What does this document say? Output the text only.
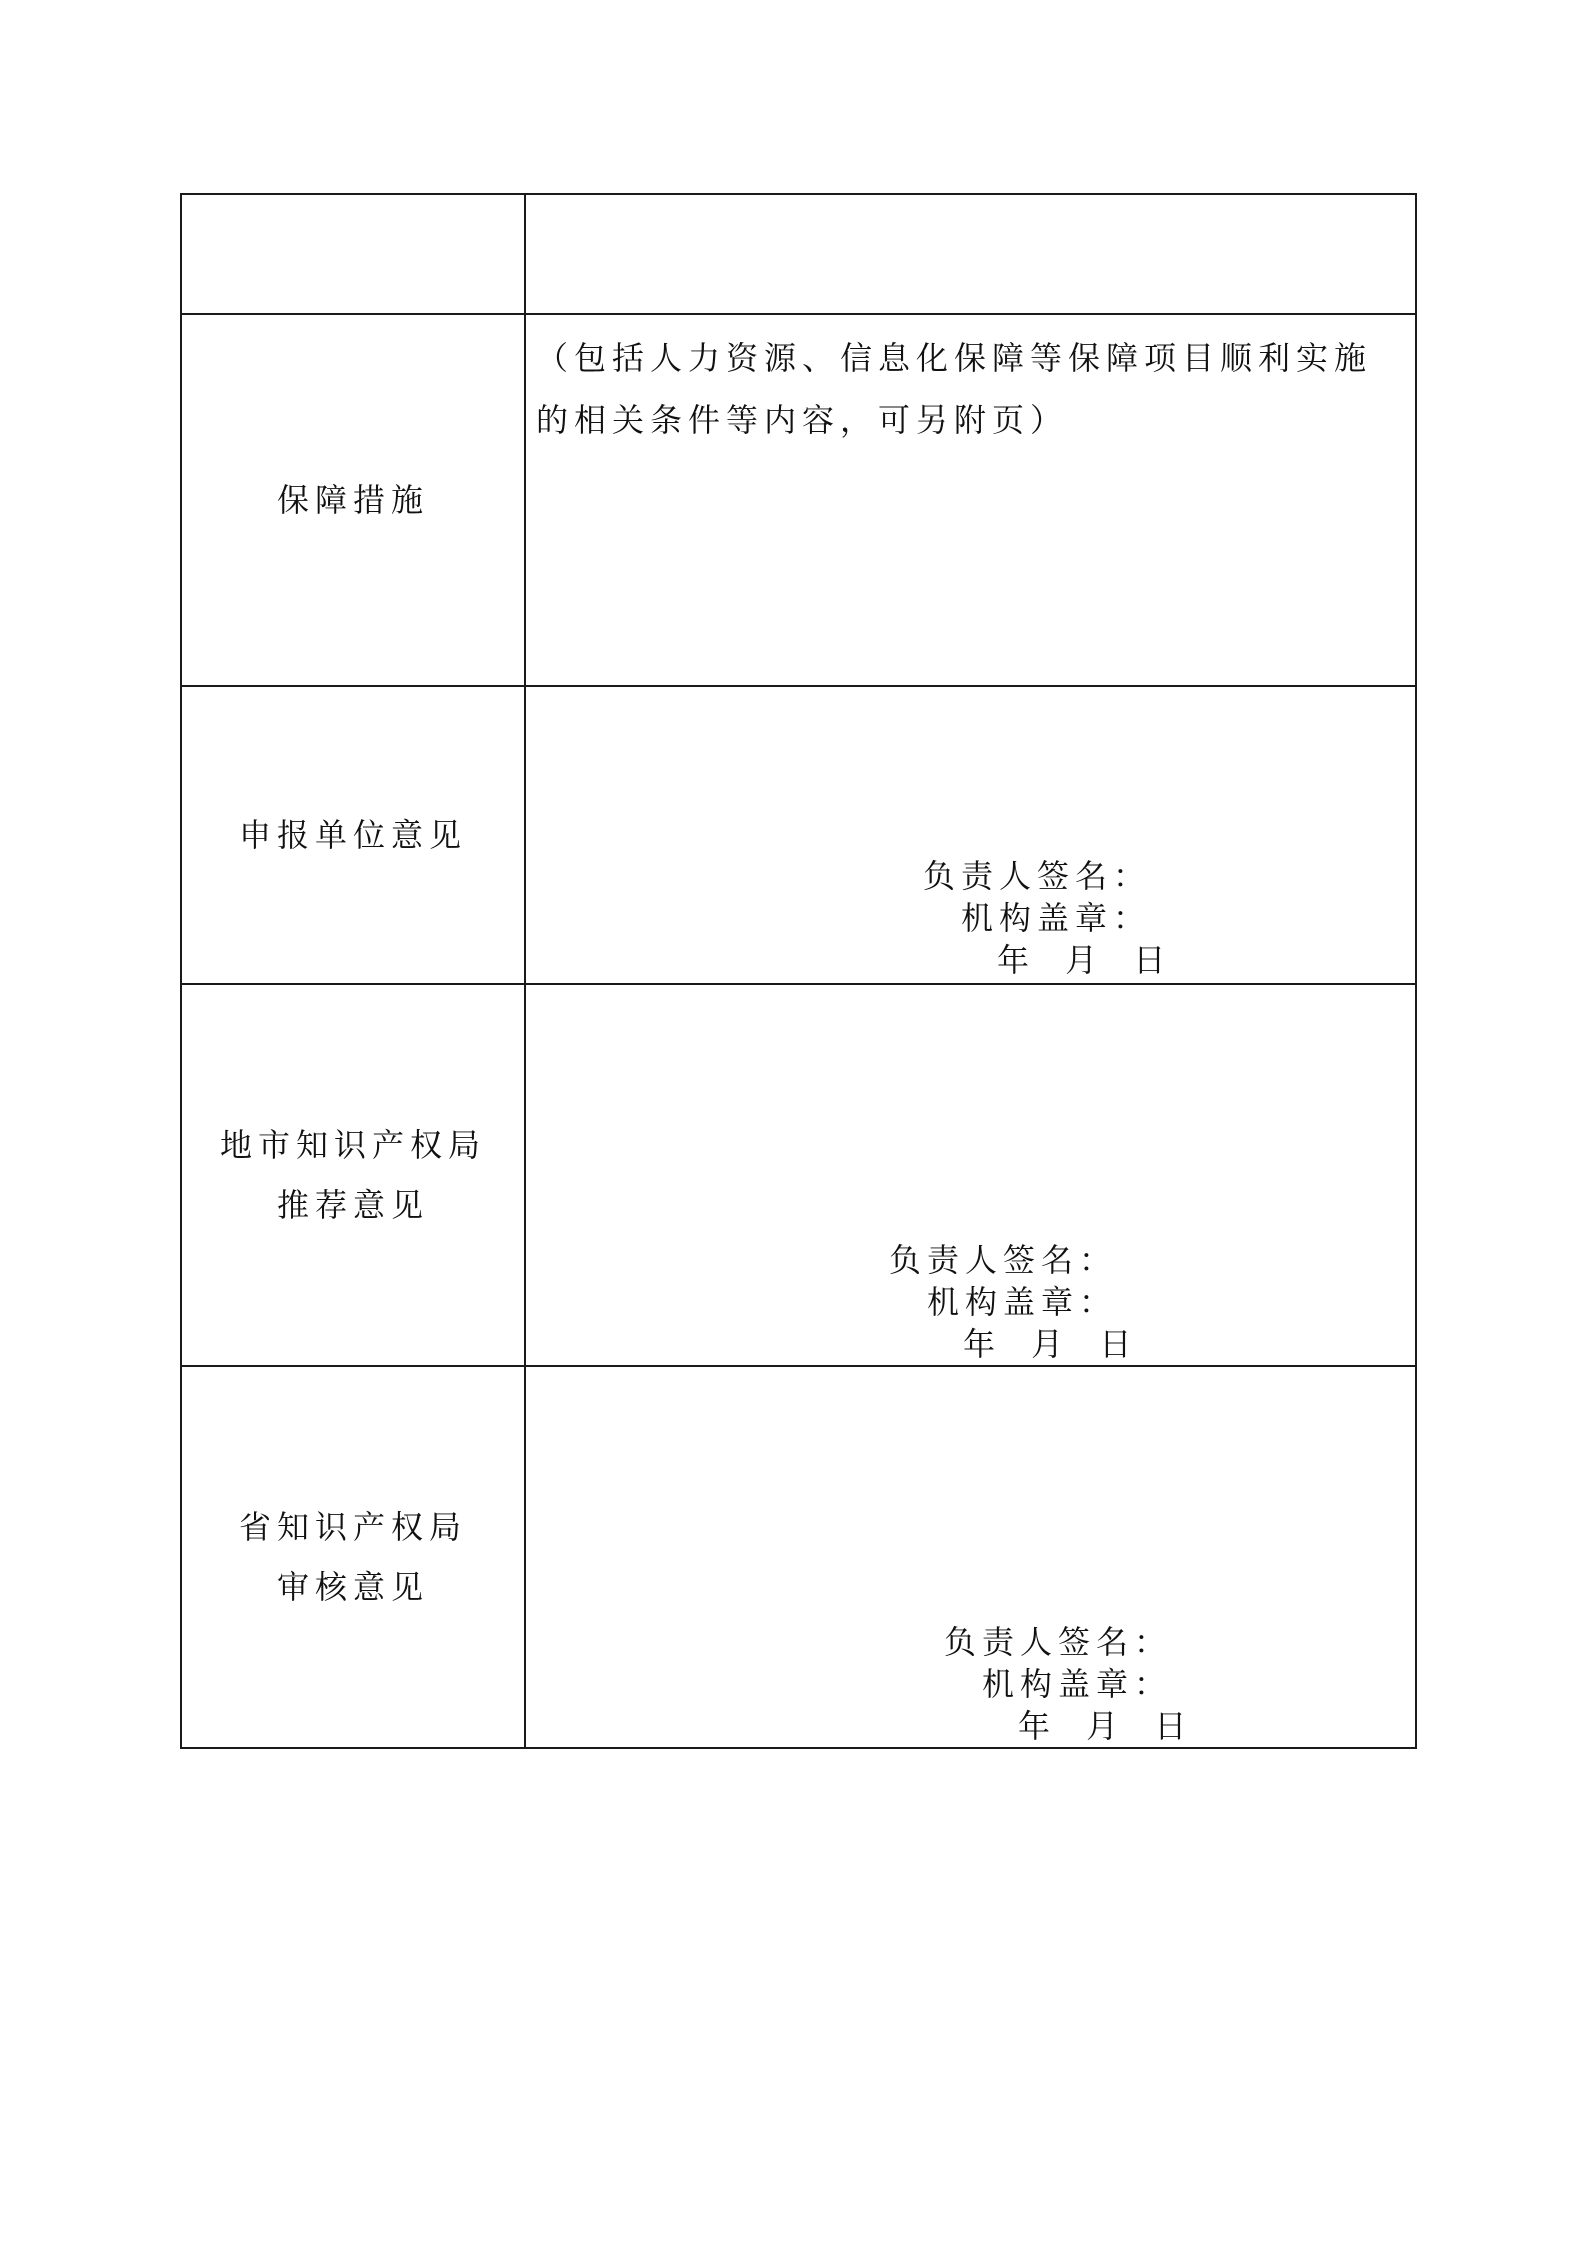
保障措施	（包括人力资源、信息化保障等保障项目顺利实施的相关条件等内容，可另附页）

申报单位意见	负责人签名：
机构盖章：
年 月 日

地市知识产权局
推荐意见	负责人签名：
机构盖章：
年 月 日

省知识产权局
审核意见	负责人签名：
机构盖章：
年 月 日
